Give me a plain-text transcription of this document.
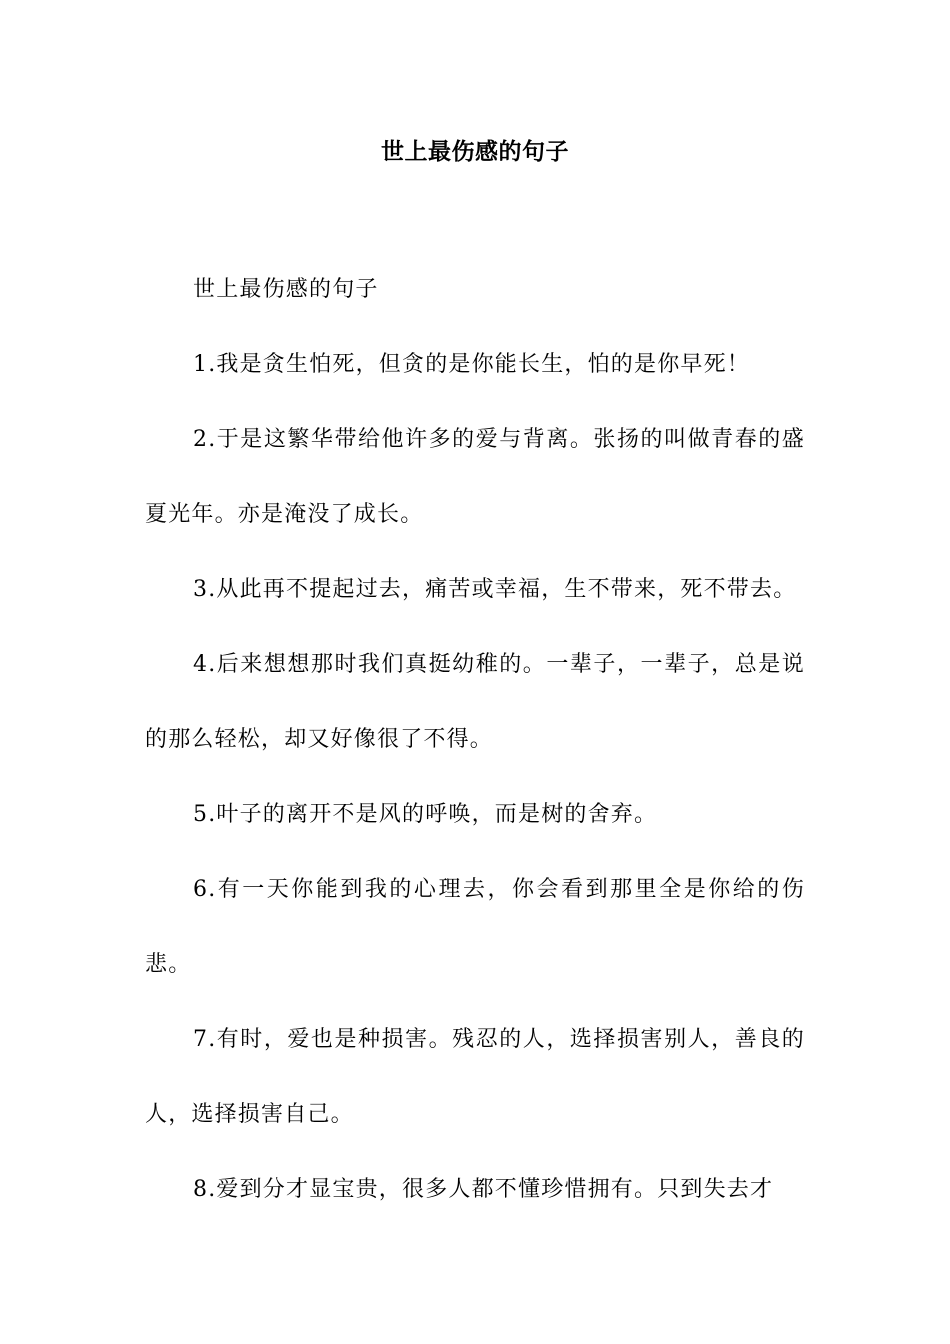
世上最伤感的句子

世上最伤感的句子

1.我是贪生怕死，但贪的是你能长生，怕的是你早死！

2.于是这繁华带给他许多的爱与背离。张扬的叫做青春的盛夏光年。亦是淹没了成长。

3.从此再不提起过去，痛苦或幸福，生不带来，死不带去。

4.后来想想那时我们真挺幼稚的。一辈子，一辈子，总是说的那么轻松，却又好像很了不得。

5.叶子的离开不是风的呼唤，而是树的舍弃。

6.有一天你能到我的心理去，你会看到那里全是你给的伤悲。

7.有时，爱也是种损害。残忍的人，选择损害别人，善良的人，选择损害自己。

8.爱到分才显宝贵，很多人都不懂珍惜拥有。只到失去才
